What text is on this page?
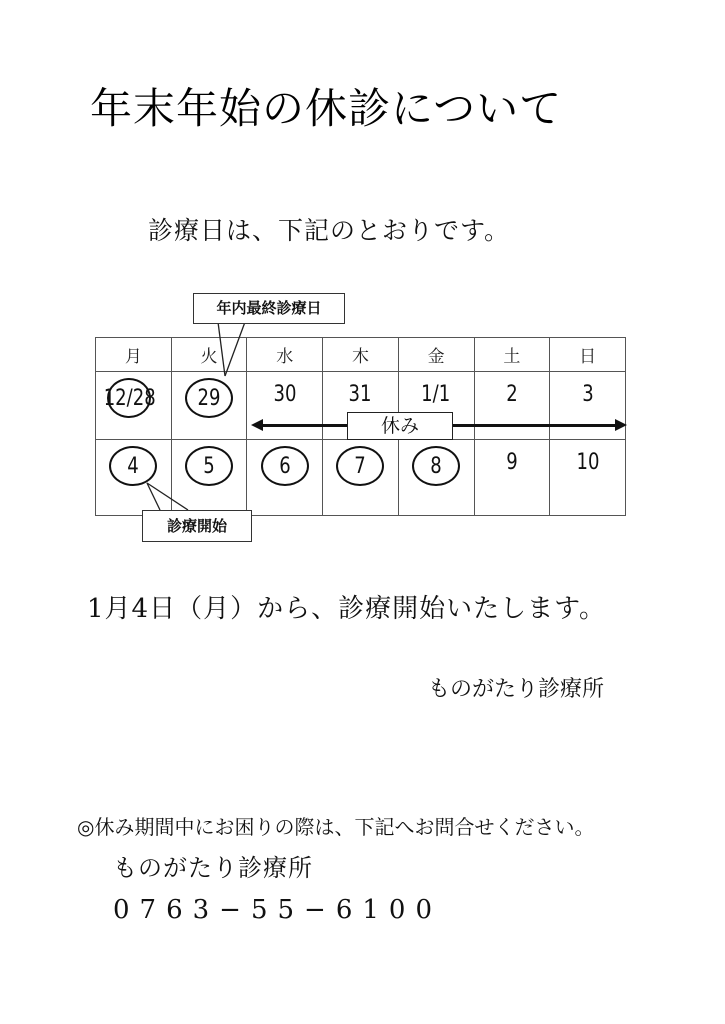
年末年始の休診について
診療日は、下記のとおりです。
年内最終診療日
月	火	水	木	金	土	日

12/28	29	30	31	1/1	2	3

4	5	6	7	8	9	10
休み
診療開始
1月4日（月）から、診療開始いたします。
ものがたり診療所
◎休み期間中にお困りの際は、下記へお問合せください。
ものがたり診療所
0763−55−6100
